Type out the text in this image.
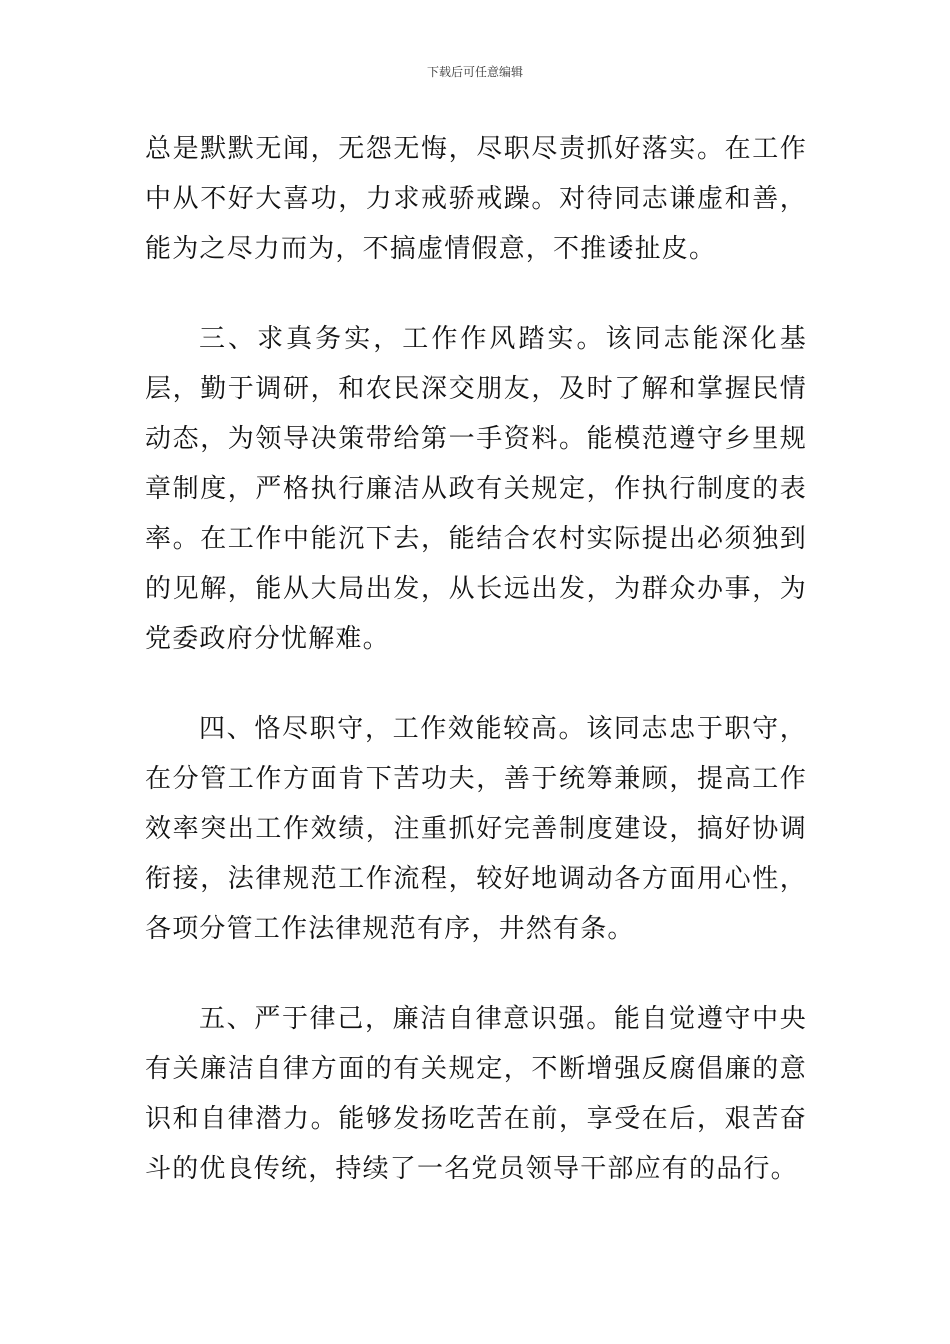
下载后可任意编辑

总是默默无闻，无怨无悔，尽职尽责抓好落实。在工作中从不好大喜功，力求戒骄戒躁。对待同志谦虚和善，能为之尽力而为，不搞虚情假意，不推诿扯皮。

三、求真务实，工作作风踏实。该同志能深化基层，勤于调研，和农民深交朋友，及时了解和掌握民情动态，为领导决策带给第一手资料。能模范遵守乡里规章制度，严格执行廉洁从政有关规定，作执行制度的表率。在工作中能沉下去，能结合农村实际提出必须独到的见解，能从大局出发，从长远出发，为群众办事，为党委政府分忧解难。

四、恪尽职守，工作效能较高。该同志忠于职守，在分管工作方面肯下苦功夫，善于统筹兼顾，提高工作效率突出工作效绩，注重抓好完善制度建设，搞好协调衔接，法律规范工作流程，较好地调动各方面用心性，各项分管工作法律规范有序，井然有条。

五、严于律己，廉洁自律意识强。能自觉遵守中央有关廉洁自律方面的有关规定，不断增强反腐倡廉的意识和自律潜力。能够发扬吃苦在前，享受在后，艰苦奋斗的优良传统，持续了一名党员领导干部应有的品行。
